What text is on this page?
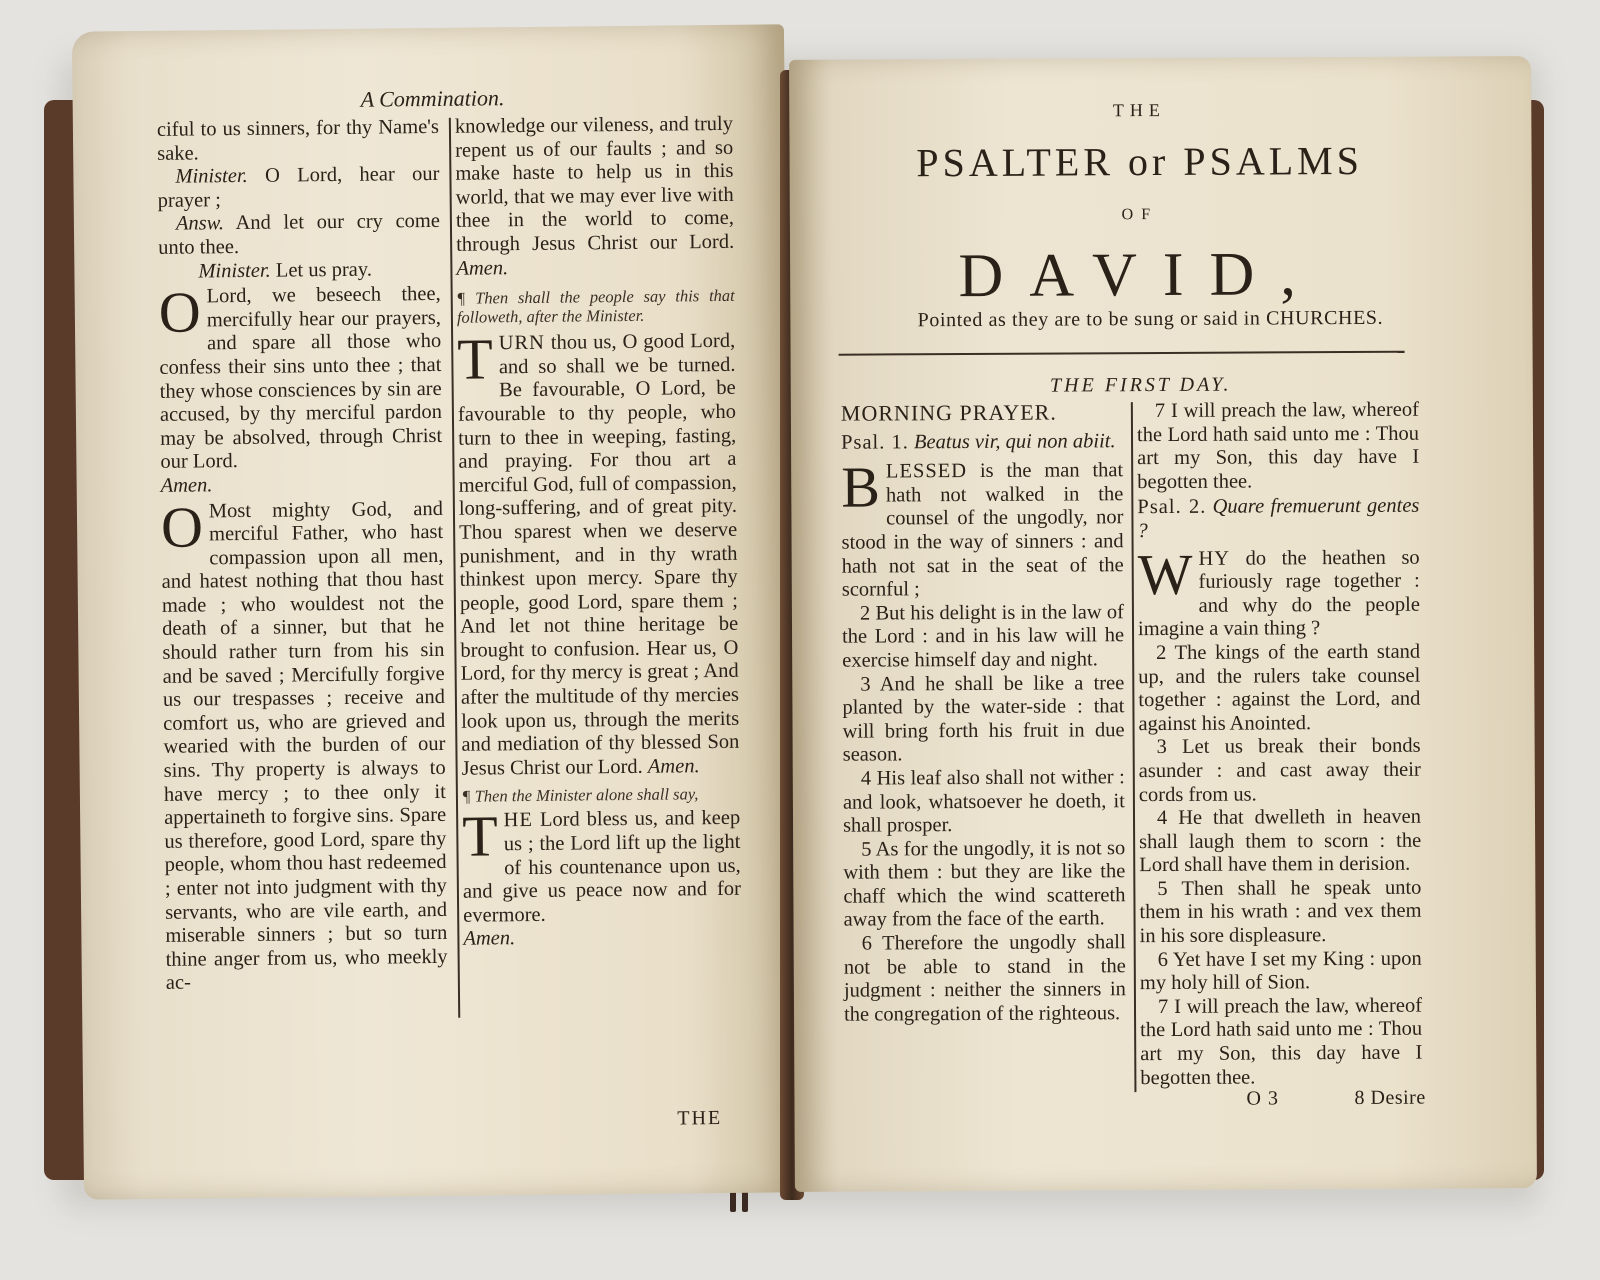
A Commination.

ciful to us sinners, for thy Name's sake.

Minister. O Lord, hear our prayer ;

Answ. And let our cry come unto thee.

Minister. Let us pray.

O Lord, we beseech thee, mercifully hear our prayers, and spare all those who confess their sins unto thee ; that they whose consciences by sin are accused, by thy merciful pardon may be absolved, through Christ our Lord.
Amen.

O Most mighty God, and merciful Father, who hast compassion upon all men, and hatest nothing that thou hast made ; who wouldest not the death of a sinner, but that he should rather turn from his sin and be saved ; Mercifully forgive us our trespasses ; receive and comfort us, who are grieved and wearied with the burden of our sins. Thy property is always to have mercy ; to thee only it appertaineth to forgive sins. Spare us therefore, good Lord, spare thy people, whom thou hast redeemed ; enter not into judgment with thy servants, who are vile earth, and miserable sinners ; but so turn thine anger from us, who meekly ac-

knowledge our vileness, and truly repent us of our faults ; and so make haste to help us in this world, that we may ever live with thee in the world to come, through Jesus Christ our Lord. Amen.

¶ Then shall the people say this that followeth, after the Minister.

TURN thou us, O good Lord, and so shall we be turned. Be favourable, O Lord, be favourable to thy people, who turn to thee in weeping, fasting, and praying. For thou art a merciful God, full of compassion, long-suffering, and of great pity. Thou sparest when we deserve punishment, and in thy wrath thinkest upon mercy. Spare thy people, good Lord, spare them ; And let not thine heritage be brought to confusion. Hear us, O Lord, for thy mercy is great ; And after the multitude of thy mercies look upon us, through the merits and mediation of thy blessed Son Jesus Christ our Lord. Amen.

¶ Then the Minister alone shall say,

THE Lord bless us, and keep us ; the Lord lift up the light of his countenance upon us, and give us peace now and for evermore.
Amen.

THE
THE
PSALTER or PSALMS
OF
DAVID,
Pointed as they are to be sung or said in CHURCHES.
THE FIRST DAY.

MORNING PRAYER.

Psal. 1. Beatus vir, qui non abiit.

BLESSED is the man that hath not walked in the counsel of the ungodly, nor stood in the way of sinners : and hath not sat in the seat of the scornful ;

2 But his delight is in the law of the Lord : and in his law will he exercise himself day and night.

3 And he shall be like a tree planted by the water-side : that will bring forth his fruit in due season.

4 His leaf also shall not wither : and look, whatsoever he doeth, it shall prosper.

5 As for the ungodly, it is not so with them : but they are like the chaff which the wind scattereth away from the face of the earth.

6 Therefore the ungodly shall not be able to stand in the judgment : neither the sinners in the congregation of the righteous.

7 I will preach the law, whereof the Lord hath said unto me : Thou art my Son, this day have I begotten thee.

Psal. 2. Quare fremuerunt gentes ?

WHY do the heathen so furiously rage together : and why do the people imagine a vain thing ?

2 The kings of the earth stand up, and the rulers take counsel together : against the Lord, and against his Anointed.

3 Let us break their bonds asunder : and cast away their cords from us.

4 He that dwelleth in heaven shall laugh them to scorn : the Lord shall have them in derision.

5 Then shall he speak unto them in his wrath : and vex them in his sore displeasure.

6 Yet have I set my King : upon my holy hill of Sion.

7 I will preach the law, whereof the Lord hath said unto me : Thou art my Son, this day have I begotten thee.

O 3	8 Desire
